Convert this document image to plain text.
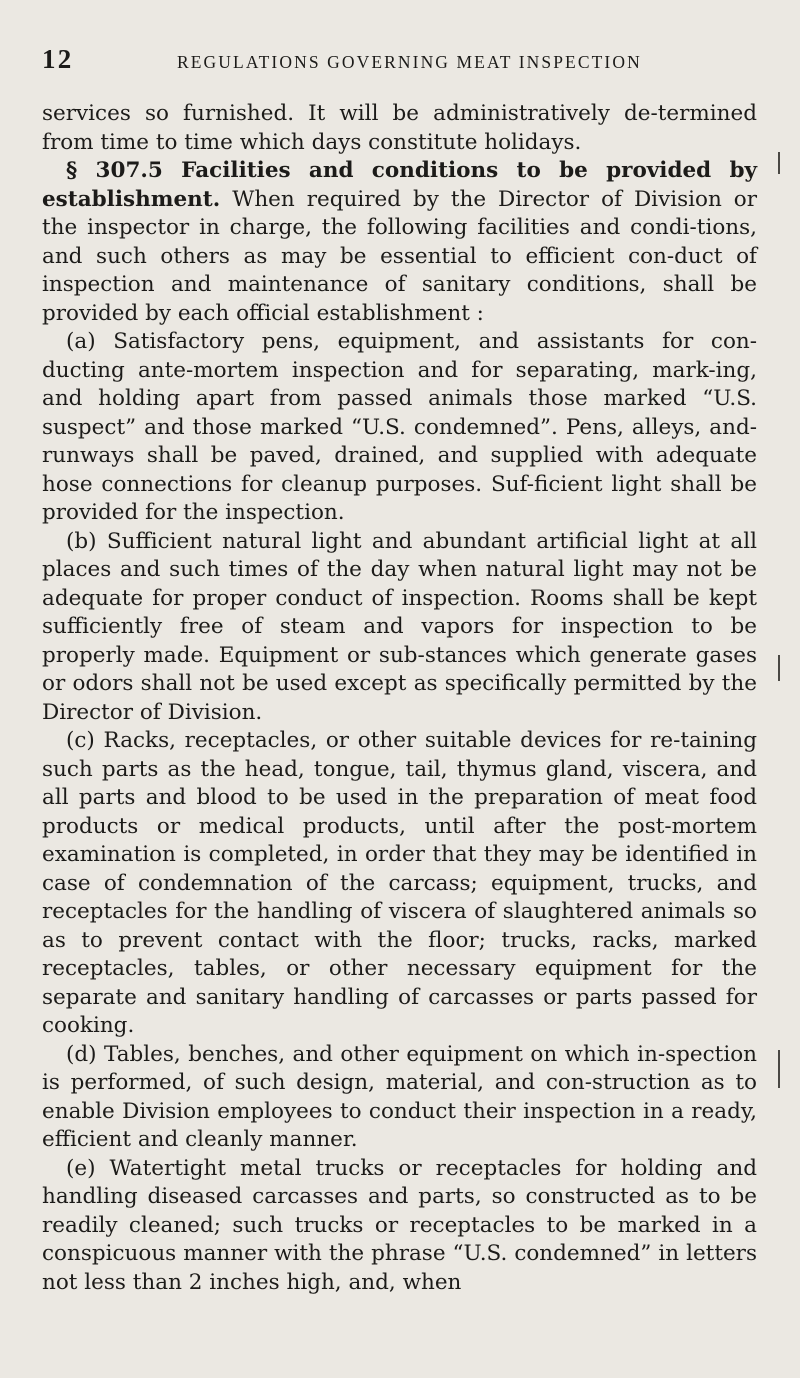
12	REGULATIONS GOVERNING MEAT INSPECTION

services so furnished. It will be administratively de-termined from time to time which days constitute holidays.

§ 307.5 Facilities and conditions to be provided by establishment. When required by the Director of Division or the inspector in charge, the following facilities and condi-tions, and such others as may be essential to efficient con-duct of inspection and maintenance of sanitary conditions, shall be provided by each official establishment :

(a) Satisfactory pens, equipment, and assistants for con-ducting ante-mortem inspection and for separating, mark-ing, and holding apart from passed animals those marked “U.S. suspect” and those marked “U.S. condemned”. Pens, alleys, and-runways shall be paved, drained, and supplied with adequate hose connections for cleanup purposes. Suf-ficient light shall be provided for the inspection.

(b) Sufficient natural light and abundant artificial light at all places and such times of the day when natural light may not be adequate for proper conduct of inspection. Rooms shall be kept sufficiently free of steam and vapors for inspection to be properly made. Equipment or sub-stances which generate gases or odors shall not be used except as specifically permitted by the Director of Division.

(c) Racks, receptacles, or other suitable devices for re-taining such parts as the head, tongue, tail, thymus gland, viscera, and all parts and blood to be used in the preparation of meat food products or medical products, until after the post-mortem examination is completed, in order that they may be identified in case of condemnation of the carcass; equipment, trucks, and receptacles for the handling of viscera of slaughtered animals so as to prevent contact with the floor; trucks, racks, marked receptacles, tables, or other necessary equipment for the separate and sanitary handling of carcasses or parts passed for cooking.

(d) Tables, benches, and other equipment on which in-spection is performed, of such design, material, and con-struction as to enable Division employees to conduct their inspection in a ready, efficient and cleanly manner.

(e) Watertight metal trucks or receptacles for holding and handling diseased carcasses and parts, so constructed as to be readily cleaned; such trucks or receptacles to be marked in a conspicuous manner with the phrase “U.S. condemned” in letters not less than 2 inches high, and, when
